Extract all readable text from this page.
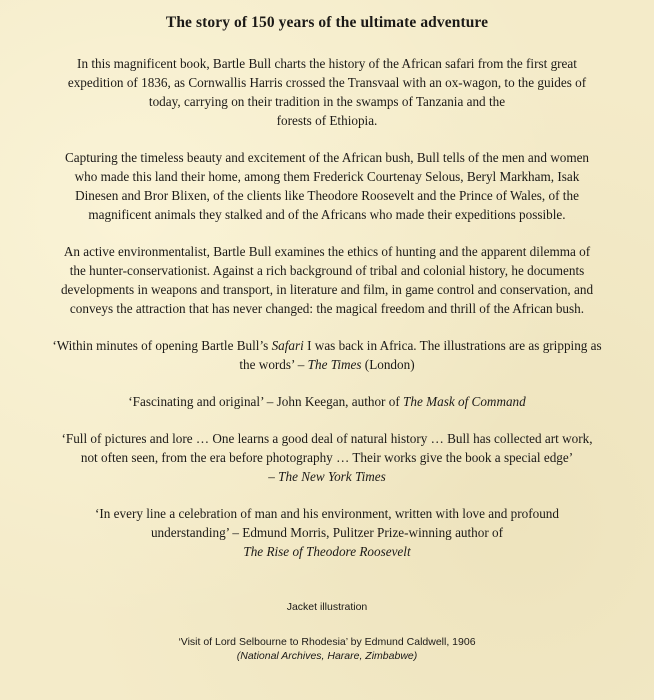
The story of 150 years of the ultimate adventure
In this magnificent book, Bartle Bull charts the history of the African safari from the first great
expedition of 1836, as Cornwallis Harris crossed the Transvaal with an ox-wagon, to the guides of
today, carrying on their tradition in the swamps of Tanzania and the
forests of Ethiopia.
Capturing the timeless beauty and excitement of the African bush, Bull tells of the men and women
who made this land their home, among them Frederick Courtenay Selous, Beryl Markham, Isak
Dinesen and Bror Blixen, of the clients like Theodore Roosevelt and the Prince of Wales, of the
magnificent animals they stalked and of the Africans who made their expeditions possible.
An active environmentalist, Bartle Bull examines the ethics of hunting and the apparent dilemma of
the hunter-conservationist. Against a rich background of tribal and colonial history, he documents
developments in weapons and transport, in literature and film, in game control and conservation, and
conveys the attraction that has never changed: the magical freedom and thrill of the African bush.
‘Within minutes of opening Bartle Bull’s Safari I was back in Africa. The illustrations are as gripping as
the words’ – The Times (London)
‘Fascinating and original’ – John Keegan, author of The Mask of Command
‘Full of pictures and lore … One learns a good deal of natural history … Bull has collected art work,
not often seen, from the era before photography … Their works give the book a special edge’
– The New York Times
‘In every line a celebration of man and his environment, written with love and profound
understanding’ – Edmund Morris, Pulitzer Prize-winning author of
The Rise of Theodore Roosevelt
Jacket illustration
‘Visit of Lord Selbourne to Rhodesia’ by Edmund Caldwell, 1906
(National Archives, Harare, Zimbabwe)
